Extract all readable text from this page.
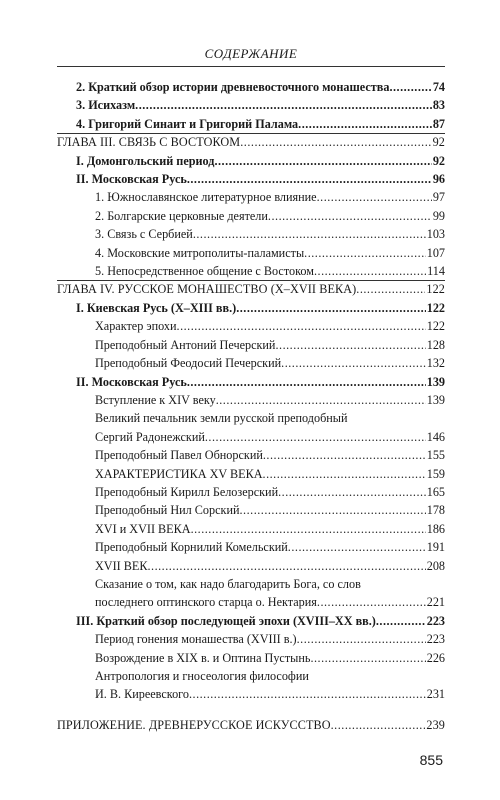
СОДЕРЖАНИЕ
2. Краткий обзор истории древневосточного монашества .....	74
3. Исихазм .....	83
4. Григорий Синаит и Григорий Палама .....	87
ГЛАВА III. СВЯЗЬ С ВОСТОКОМ .....	92
I. Домонгольский период .....	92
II. Московская Русь .....	96
1. Южнославянское литературное влияние .....	97
2. Болгарские церковные деятели .....	99
3. Связь с Сербией .....	103
4. Московские митрополиты-паламисты .....	107
5. Непосредственное общение с Востоком .....	114
ГЛАВА IV. РУССКОЕ МОНАШЕСТВО (X–XVII ВЕКА) .....	122
I. Киевская Русь (X–XIII вв.) .....	122
Характер эпохи .....	122
Преподобный Антоний Печерский .....	128
Преподобный Феодосий Печерский .....	132
II. Московская Русь .....	139
Вступление к XIV веку .....	139
Великий печальник земли русской преподобный
Сергий Радонежский .....	146
Преподобный Павел Обнорский .....	155
ХАРАКТЕРИСТИКА XV ВЕКА .....	159
Преподобный Кирилл Белозерский .....	165
Преподобный Нил Сорский .....	178
XVI и XVII ВЕКА .....	186
Преподобный Корнилий Комельский .....	191
XVII ВЕК .....	208
Сказание о том, как надо благодарить Бога, со слов
последнего оптинского старца о. Нектария .....	221
III. Краткий обзор последующей эпохи (XVIII–XX вв.) .....	223
Период гонения монашества (XVIII в.) .....	223
Возрождение в XIX в. и Оптина Пустынь .....	226
Антропология и гносеология философии
И. В. Киреевского .....	231
ПРИЛОЖЕНИЕ. ДРЕВНЕРУССКОЕ ИСКУССТВО .....	239
855
